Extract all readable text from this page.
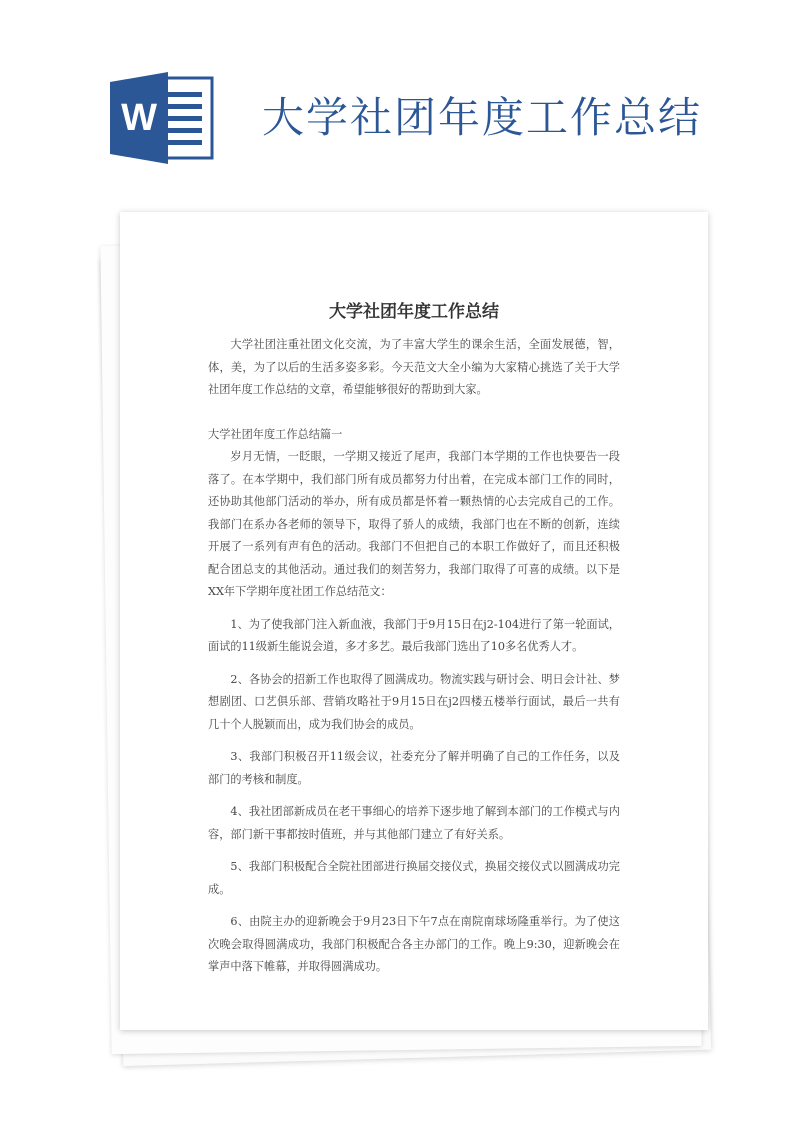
W	大学社团年度工作总结
大学社团年度工作总结

大学社团注重社团文化交流，为了丰富大学生的课余生活，全面发展德，智，体，美，为了以后的生活多姿多彩。今天范文大全小编为大家精心挑选了关于大学社团年度工作总结的文章，希望能够很好的帮助到大家。

大学社团年度工作总结篇一

岁月无情，一眨眼，一学期又接近了尾声，我部门本学期的工作也快要告一段落了。在本学期中，我们部门所有成员都努力付出着，在完成本部门工作的同时，还协助其他部门活动的举办，所有成员都是怀着一颗热情的心去完成自己的工作。我部门在系办各老师的领导下，取得了骄人的成绩，我部门也在不断的创新，连续开展了一系列有声有色的活动。我部门不但把自己的本职工作做好了，而且还积极配合团总支的其他活动。通过我们的刻苦努力，我部门取得了可喜的成绩。以下是XX年下学期年度社团工作总结范文：

1、为了使我部门注入新血液，我部门于9月15日在j2-104进行了第一轮面试，面试的11级新生能说会道，多才多艺。最后我部门选出了10多名优秀人才。

2、各协会的招新工作也取得了圆满成功。物流实践与研讨会、明日会计社、梦想剧团、口艺俱乐部、营销攻略社于9月15日在j2四楼五楼举行面试，最后一共有几十个人脱颖而出，成为我们协会的成员。

3、我部门积极召开11级会议，社委充分了解并明确了自己的工作任务，以及部门的考核和制度。

4、我社团部新成员在老干事细心的培养下逐步地了解到本部门的工作模式与内容，部门新干事都按时值班，并与其他部门建立了有好关系。

5、我部门积极配合全院社团部进行换届交接仪式，换届交接仪式以圆满成功完成。

6、由院主办的迎新晚会于9月23日下午7点在南院南球场隆重举行。为了使这次晚会取得圆满成功，我部门积极配合各主办部门的工作。晚上9:30，迎新晚会在掌声中落下帷幕，并取得圆满成功。
